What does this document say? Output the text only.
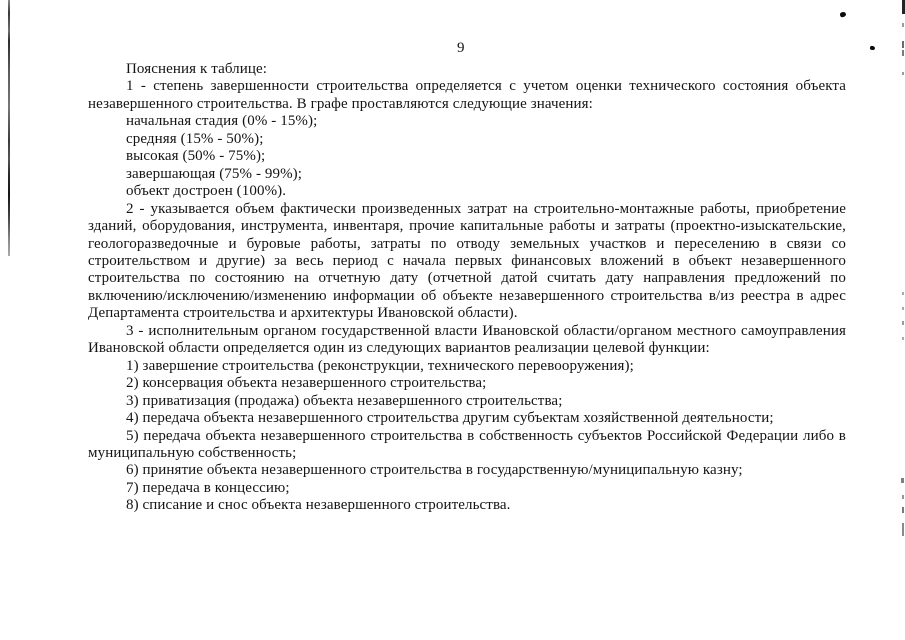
9

Пояснения к таблице:

1 - степень завершенности строительства определяется с учетом оценки технического состояния объекта незавершенного строительства. В графе проставляются следующие значения:

начальная стадия (0% - 15%);

средняя (15% - 50%);

высокая (50% - 75%);

завершающая (75% - 99%);

объект достроен (100%).

2 - указывается объем фактически произведенных затрат на строительно-монтажные работы, приобретение зданий, оборудования, инструмента, инвентаря, прочие капитальные работы и затраты (проектно-изыскательские, геологоразведочные и буровые работы, затраты по отводу земельных участков и переселению в связи со строительством и другие) за весь период с начала первых финансовых вложений в объект незавершенного строительства по состоянию на отчетную дату (отчетной датой считать дату направления предложений по включению/исключению/изменению информации об объекте незавершенного строительства в/из реестра в адрес Департамента строительства и архитектуры Ивановской области).

3 - исполнительным органом государственной власти Ивановской области/органом местного самоуправления Ивановской области определяется один из следующих вариантов реализации целевой функции:

1) завершение строительства (реконструкции, технического перевооружения);

2) консервация объекта незавершенного строительства;

3) приватизация (продажа) объекта незавершенного строительства;

4) передача объекта незавершенного строительства другим субъектам хозяйственной деятельности;

5) передача объекта незавершенного строительства в собственность субъектов Российской Федерации либо в муниципальную собственность;

6) принятие объекта незавершенного строительства в государственную/муниципальную казну;

7) передача в концессию;

8) списание и снос объекта незавершенного строительства.
